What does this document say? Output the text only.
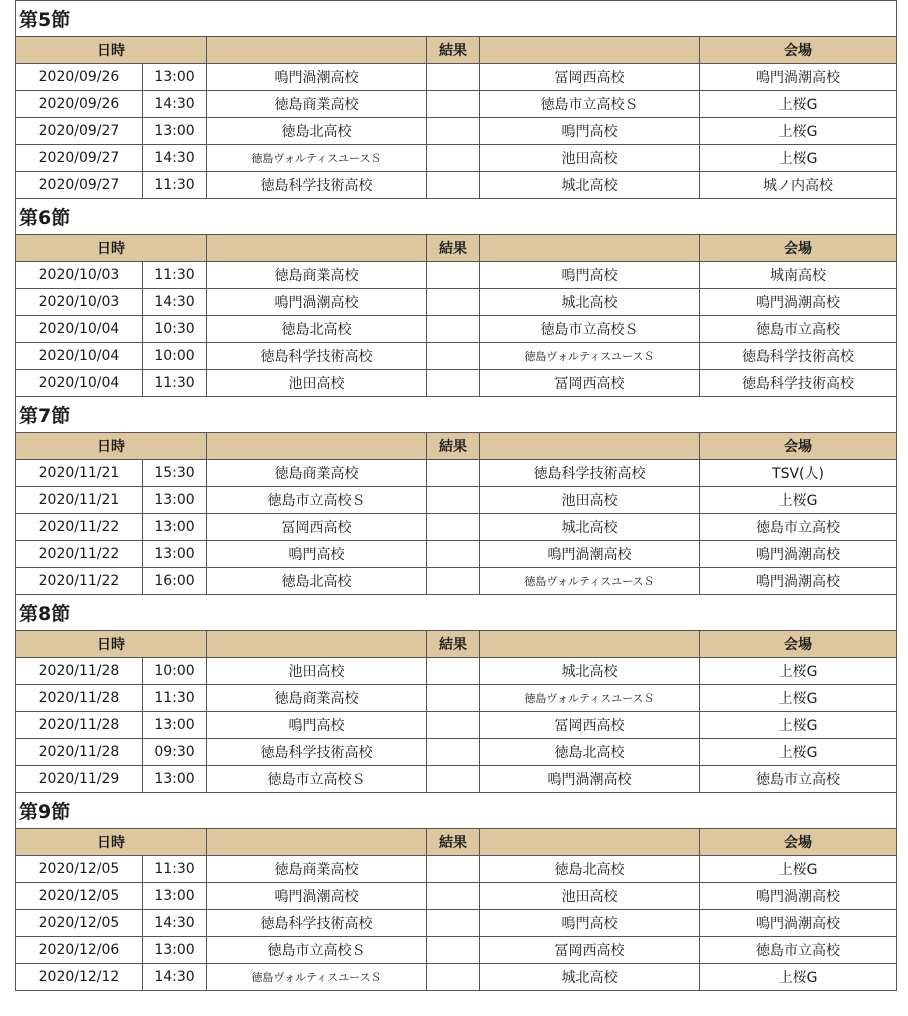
第5節					
日時			結果		会場
2020/09/26	13:00	鳴門渦潮高校		冨岡西高校	鳴門渦潮高校
2020/09/26	14:30	徳島商業高校		徳島市立高校Ｓ	上桜G
2020/09/27	13:00	徳島北高校		鳴門高校	上桜G
2020/09/27	14:30	徳島ヴォルティスユースＳ		池田高校	上桜G
2020/09/27	11:30	徳島科学技術高校		城北高校	城ノ内高校
第6節					
日時			結果		会場
2020/10/03	11:30	徳島商業高校		鳴門高校	城南高校
2020/10/03	14:30	鳴門渦潮高校		城北高校	鳴門渦潮高校
2020/10/04	10:30	徳島北高校		徳島市立高校Ｓ	徳島市立高校
2020/10/04	10:00	徳島科学技術高校		徳島ヴォルティスユースＳ	徳島科学技術高校
2020/10/04	11:30	池田高校		冨岡西高校	徳島科学技術高校
第7節					
日時			結果		会場
2020/11/21	15:30	徳島商業高校		徳島科学技術高校	TSV(人)
2020/11/21	13:00	徳島市立高校Ｓ		池田高校	上桜G
2020/11/22	13:00	冨岡西高校		城北高校	徳島市立高校
2020/11/22	13:00	鳴門高校		鳴門渦潮高校	鳴門渦潮高校
2020/11/22	16:00	徳島北高校		徳島ヴォルティスユースＳ	鳴門渦潮高校
第8節					
日時			結果		会場
2020/11/28	10:00	池田高校		城北高校	上桜G
2020/11/28	11:30	徳島商業高校		徳島ヴォルティスユースＳ	上桜G
2020/11/28	13:00	鳴門高校		冨岡西高校	上桜G
2020/11/28	09:30	徳島科学技術高校		徳島北高校	上桜G
2020/11/29	13:00	徳島市立高校Ｓ		鳴門渦潮高校	徳島市立高校
第9節					
日時			結果		会場
2020/12/05	11:30	徳島商業高校		徳島北高校	上桜G
2020/12/05	13:00	鳴門渦潮高校		池田高校	鳴門渦潮高校
2020/12/05	14:30	徳島科学技術高校		鳴門高校	鳴門渦潮高校
2020/12/06	13:00	徳島市立高校Ｓ		冨岡西高校	徳島市立高校
2020/12/12	14:30	徳島ヴォルティスユースＳ		城北高校	上桜G
